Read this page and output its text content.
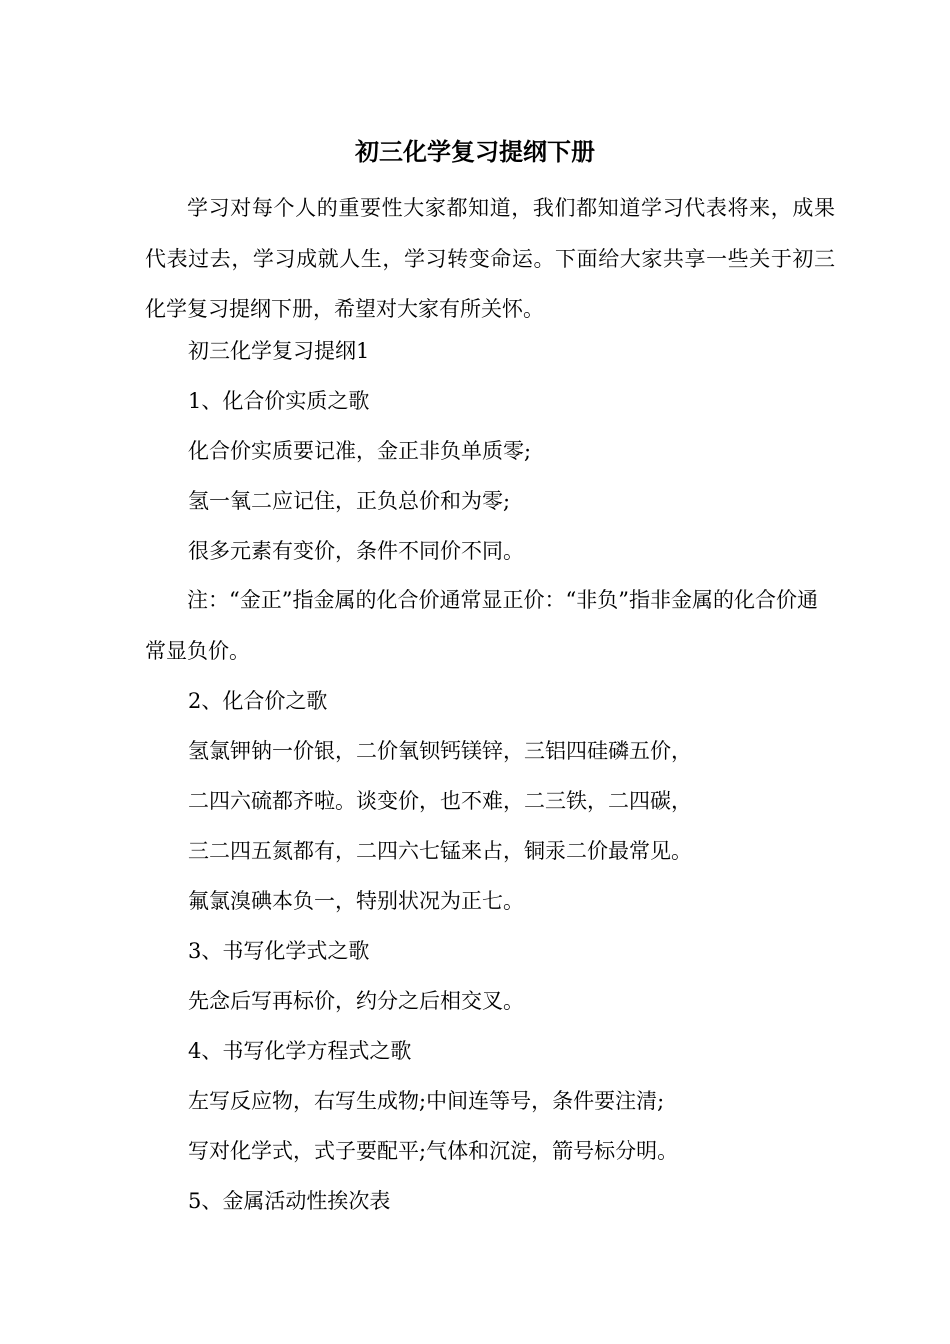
初三化学复习提纲下册

学习对每个人的重要性大家都知道，我们都知道学习代表将来，成果代表过去，学习成就人生，学习转变命运。下面给大家共享一些关于初三化学复习提纲下册，希望对大家有所关怀。

初三化学复习提纲1

1、化合价实质之歌

化合价实质要记准，金正非负单质零;

氢一氧二应记住，正负总价和为零;

很多元素有变价，条件不同价不同。

注：“金正”指金属的化合价通常显正价：“非负”指非金属的化合价通常显负价。

2、化合价之歌

氢氯钾钠一价银，二价氧钡钙镁锌，三铝四硅磷五价，

二四六硫都齐啦。谈变价，也不难，二三铁，二四碳，

三二四五氮都有，二四六七锰来占，铜汞二价最常见。

氟氯溴碘本负一，特别状况为正七。

3、书写化学式之歌

先念后写再标价，约分之后相交叉。

4、书写化学方程式之歌

左写反应物，右写生成物;中间连等号，条件要注清;

写对化学式，式子要配平;气体和沉淀，箭号标分明。

5、金属活动性挨次表
